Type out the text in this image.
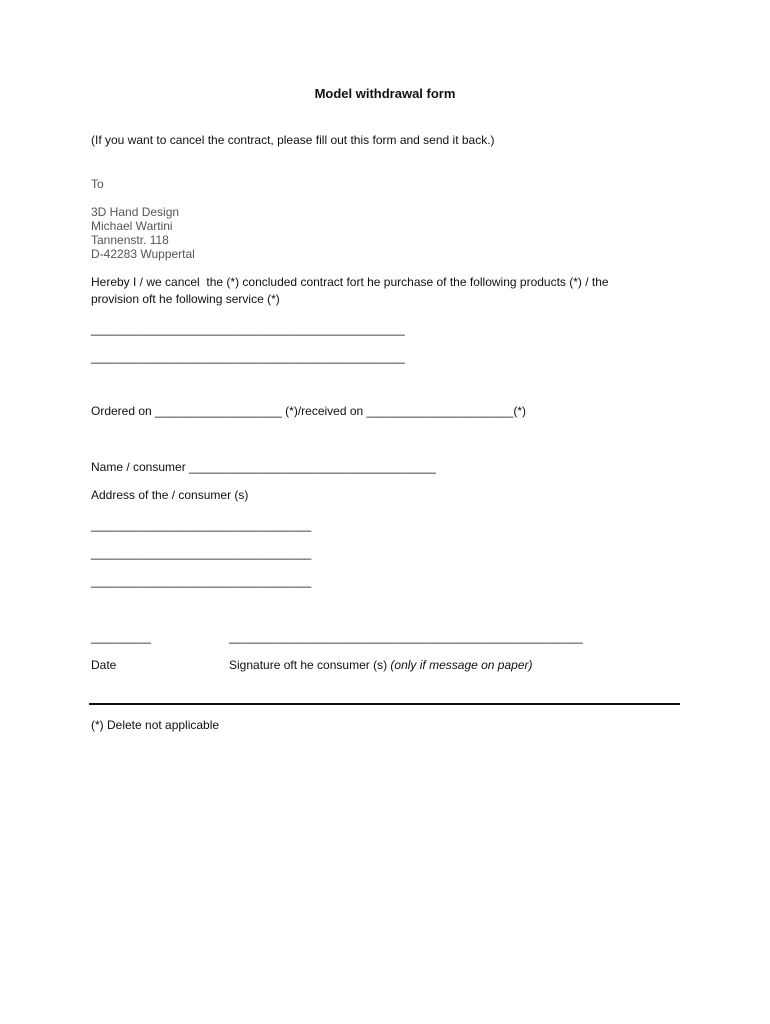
Model withdrawal form
(If you want to cancel the contract, please fill out this form and send it back.)
To
3D Hand Design
Michael Wartini
Tannenstr. 118
D-42283 Wuppertal
Hereby I / we cancel  the (*) concluded contract fort he purchase of the following products (*) / the
provision oft he following service (*)
_______________________________________________
_______________________________________________
Ordered on ___________________ (*)/received on ______________________(*)
Name / consumer _____________________________________
Address of the / consumer (s)
_________________________________
_________________________________
_________________________________
_________	_____________________________________________________
Date	Signature oft he consumer (s) (only if message on paper)
(*) Delete not applicable
